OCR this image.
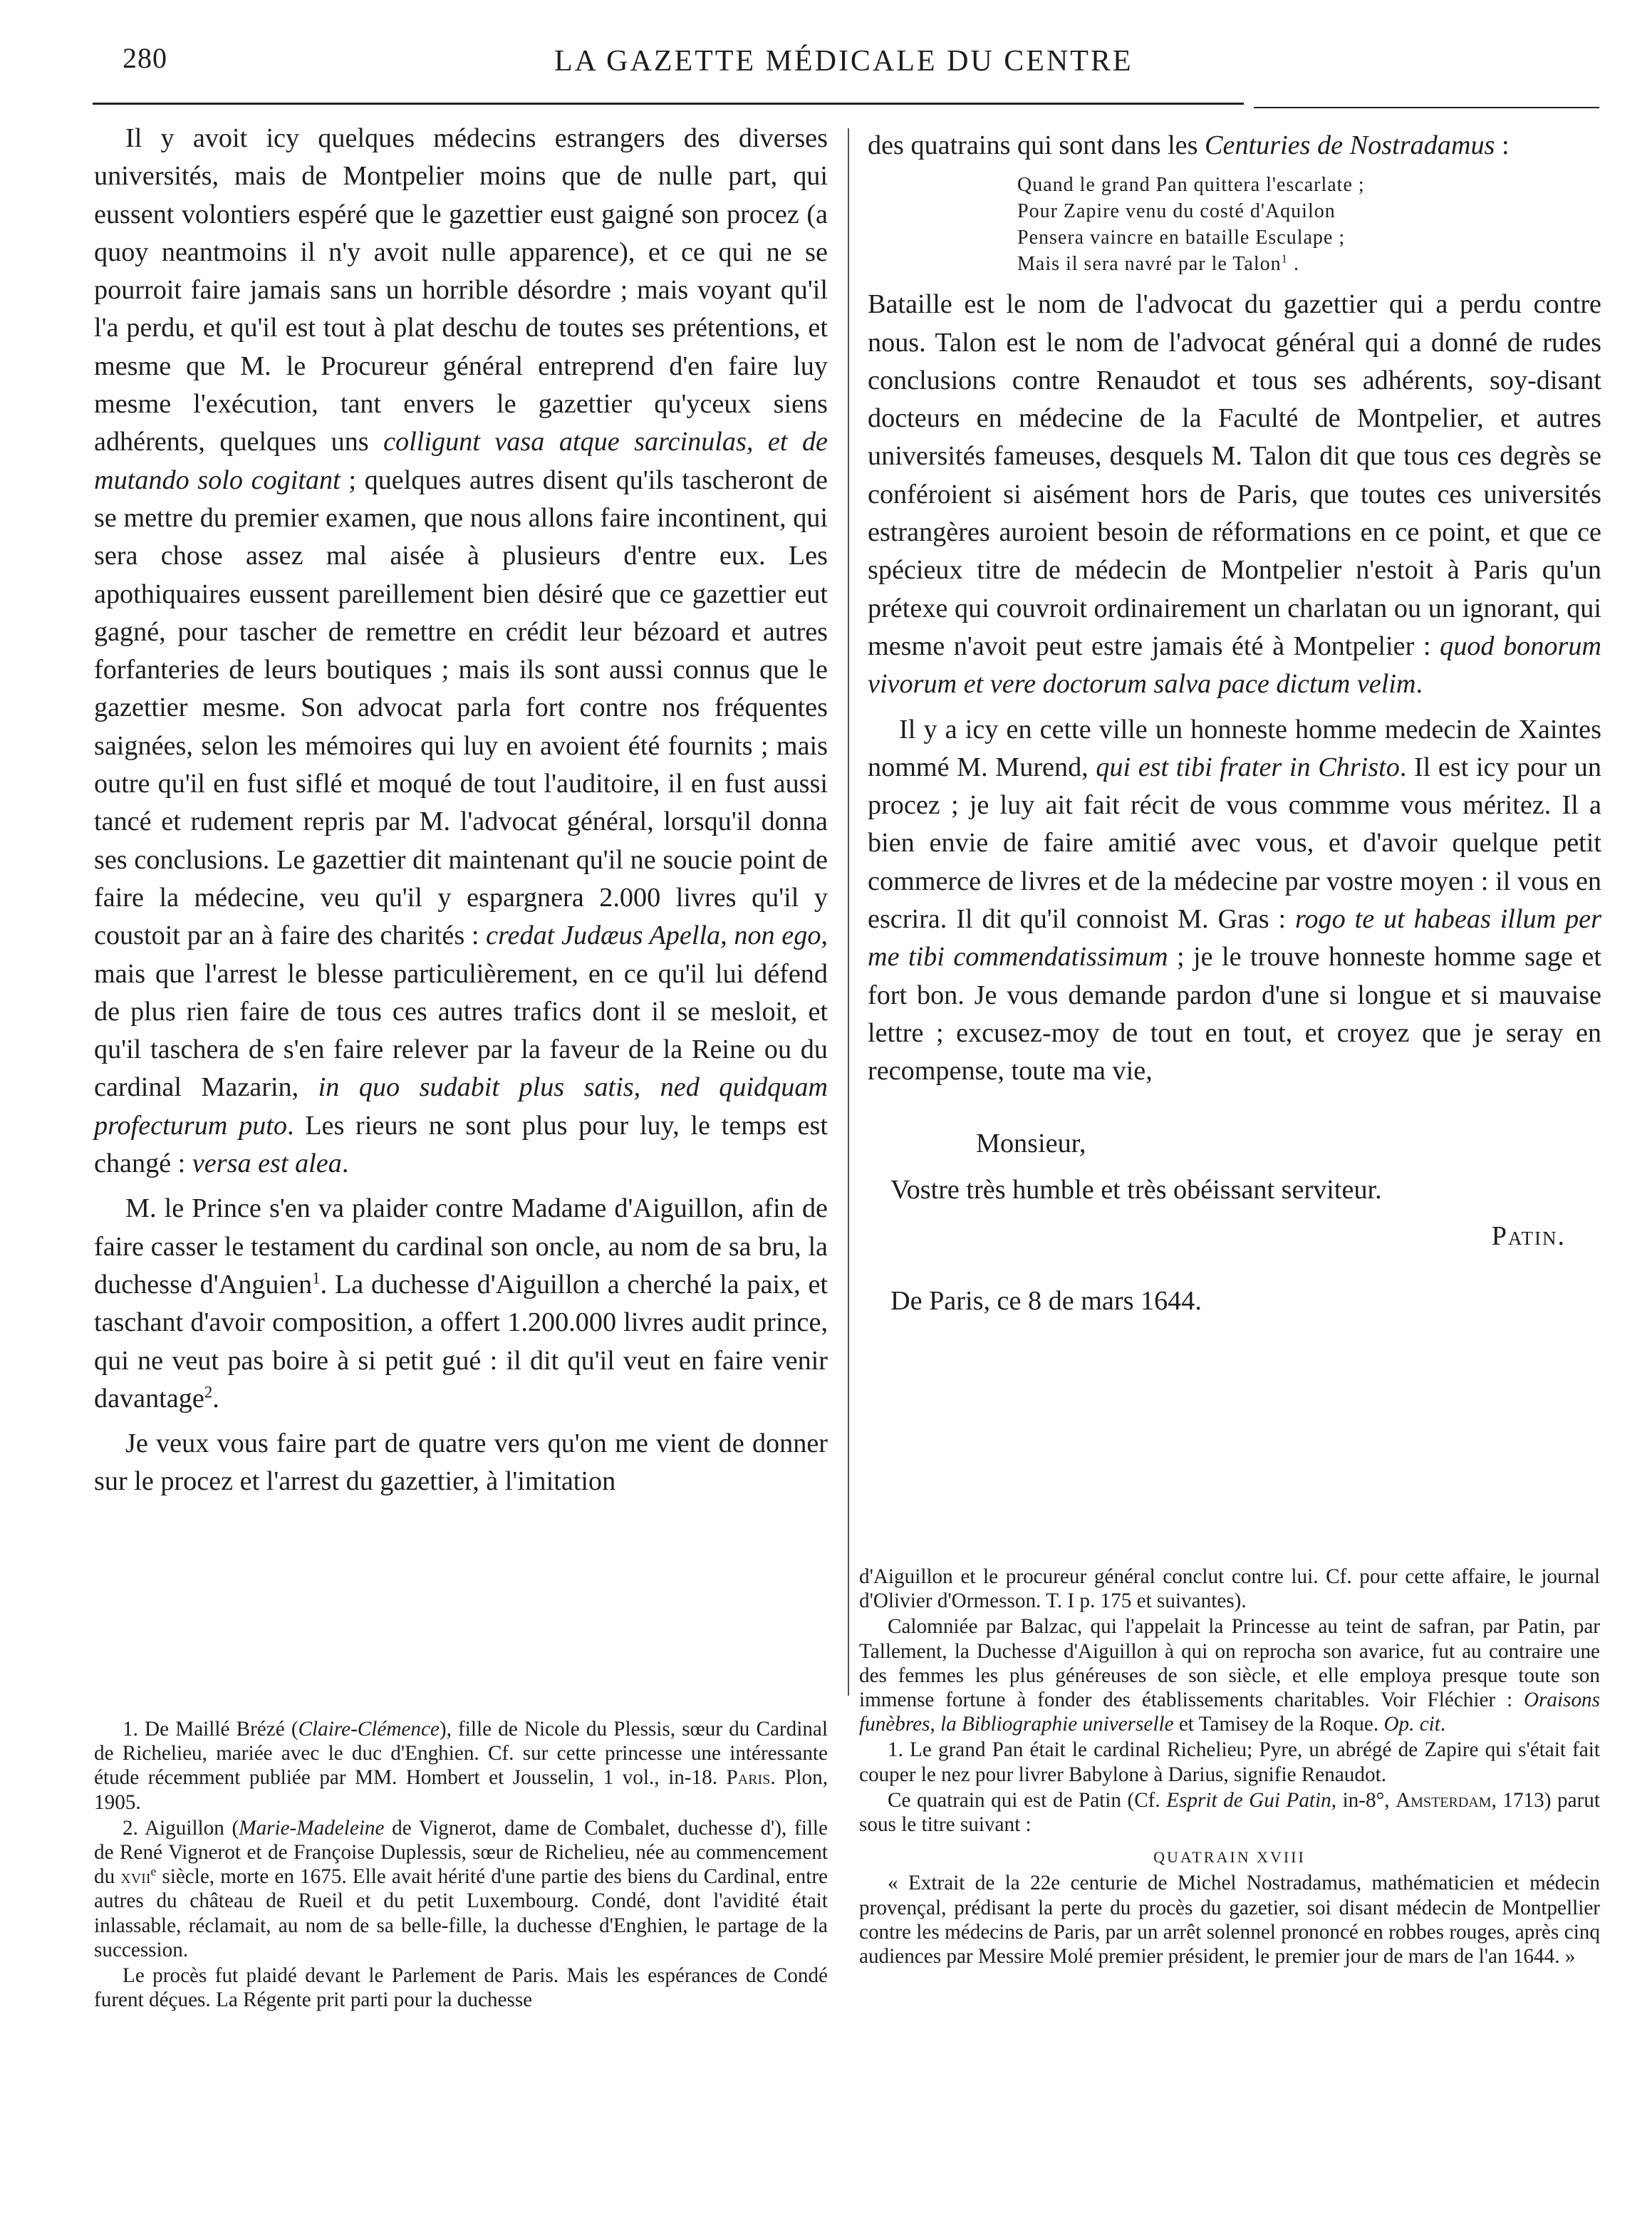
280	LA GAZETTE MÉDICALE DU CENTRE

Il y avoit icy quelques médecins estrangers des diverses universités, mais de Montpelier moins que de nulle part, qui eussent volontiers espéré que le gazettier eust gaigné son procez (a quoy neantmoins il n'y avoit nulle apparence), et ce qui ne se pourroit faire jamais sans un horrible désordre ; mais voyant qu'il l'a perdu, et qu'il est tout à plat deschu de toutes ses prétentions, et mesme que M. le Procureur général entreprend d'en faire luy mesme l'exécution, tant envers le gazettier qu'yceux siens adhérents, quelques uns colligunt vasa atque sarcinulas, et de mutando solo cogitant ; quelques autres disent qu'ils tascheront de se mettre du premier examen, que nous allons faire incontinent, qui sera chose assez mal aisée à plusieurs d'entre eux. Les apothiquaires eussent pareillement bien désiré que ce gazettier eut gagné, pour tascher de remettre en crédit leur bézoard et autres forfanteries de leurs boutiques ; mais ils sont aussi connus que le gazettier mesme. Son advocat parla fort contre nos fréquentes saignées, selon les mémoires qui luy en avoient été fournits ; mais outre qu'il en fust siflé et moqué de tout l'auditoire, il en fust aussi tancé et rudement repris par M. l'advocat général, lorsqu'il donna ses conclusions. Le gazettier dit maintenant qu'il ne soucie point de faire la médecine, veu qu'il y espargnera 2.000 livres qu'il y coustoit par an à faire des charités : credat Judæus Apella, non ego, mais que l'arrest le blesse particulièrement, en ce qu'il lui défend de plus rien faire de tous ces autres trafics dont il se mesloit, et qu'il taschera de s'en faire relever par la faveur de la Reine ou du cardinal Mazarin, in quo sudabit plus satis, ned quidquam profecturum puto. Les rieurs ne sont plus pour luy, le temps est changé : versa est alea.

M. le Prince s'en va plaider contre Madame d'Aiguillon, afin de faire casser le testament du cardinal son oncle, au nom de sa bru, la duchesse d'Anguien$^1$. La duchesse d'Aiguillon a cherché la paix, et taschant d'avoir composition, a offert 1.200.000 livres audit prince, qui ne veut pas boire à si petit gué : il dit qu'il veut en faire venir davantage$^2$.

Je veux vous faire part de quatre vers qu'on me vient de donner sur le procez et l'arrest du gazettier, à l'imitation

des quatrains qui sont dans les Centuries de Nostradamus :

Quand le grand Pan quittera l'escarlate ;
Pour Zapire venu du costé d'Aquilon
Pensera vaincre en bataille Esculape ;
Mais il sera navré par le Talon$^1$ .

Bataille est le nom de l'advocat du gazettier qui a perdu contre nous. Talon est le nom de l'advocat général qui a donné de rudes conclusions contre Renaudot et tous ses adhérents, soy-disant docteurs en médecine de la Faculté de Montpelier, et autres universités fameuses, desquels M. Talon dit que tous ces degrès se conféroient si aisément hors de Paris, que toutes ces universités estrangères auroient besoin de réformations en ce point, et que ce spécieux titre de médecin de Montpelier n'estoit à Paris qu'un prétexe qui couvroit ordinairement un charlatan ou un ignorant, qui mesme n'avoit peut estre jamais été à Montpelier : quod bonorum vivorum et vere doctorum salva pace dictum velim.

Il y a icy en cette ville un honneste homme medecin de Xaintes nommé M. Murend, qui est tibi frater in Christo. Il est icy pour un procez ; je luy ait fait récit de vous commme vous méritez. Il a bien envie de faire amitié avec vous, et d'avoir quelque petit commerce de livres et de la médecine par vostre moyen : il vous en escrira. Il dit qu'il connoist M. Gras : rogo te ut habeas illum per me tibi commendatissimum ; je le trouve honneste homme sage et fort bon. Je vous demande pardon d'une si longue et si mauvaise lettre ; excusez-moy de tout en tout, et croyez que je seray en recompense, toute ma vie,

Monsieur,
Vostre très humble et très obéissant serviteur.
Patin.
De Paris, ce 8 de mars 1644.

1. De Maillé Brézé (Claire-Clémence), fille de Nicole du Plessis, sœur du Cardinal de Richelieu, mariée avec le duc d'Enghien. Cf. sur cette princesse une intéressante étude récemment publiée par MM. Hombert et Jousselin, 1 vol., in-18. Paris. Plon, 1905.

2. Aiguillon (Marie-Madeleine de Vignerot, dame de Combalet, duchesse d'), fille de René Vignerot et de Françoise Duplessis, sœur de Richelieu, née au commencement du xvii$^e$ siècle, morte en 1675. Elle avait hérité d'une partie des biens du Cardinal, entre autres du château de Rueil et du petit Luxembourg. Condé, dont l'avidité était inlassable, réclamait, au nom de sa belle-fille, la duchesse d'Enghien, le partage de la succession.

Le procès fut plaidé devant le Parlement de Paris. Mais les espérances de Condé furent déçues. La Régente prit parti pour la duchesse

d'Aiguillon et le procureur général conclut contre lui. Cf. pour cette affaire, le journal d'Olivier d'Ormesson. T. I p. 175 et suivantes).

Calomniée par Balzac, qui l'appelait la Princesse au teint de safran, par Patin, par Tallement, la Duchesse d'Aiguillon à qui on reprocha son avarice, fut au contraire une des femmes les plus généreuses de son siècle, et elle employa presque toute son immense fortune à fonder des établissements charitables. Voir Fléchier : Oraisons funèbres, la Bibliographie universelle et Tamisey de la Roque. Op. cit.

1. Le grand Pan était le cardinal Richelieu; Pyre, un abrégé de Zapire qui s'était fait couper le nez pour livrer Babylone à Darius, signifie Renaudot.

Ce quatrain qui est de Patin (Cf. Esprit de Gui Patin, in-8°, Amsterdam, 1713) parut sous le titre suivant :

QUATRAIN XVIII

« Extrait de la 22e centurie de Michel Nostradamus, mathématicien et médecin provençal, prédisant la perte du procès du gazetier, soi disant médecin de Montpellier contre les médecins de Paris, par un arrêt solennel prononcé en robbes rouges, après cinq audiences par Messire Molé premier président, le premier jour de mars de l'an 1644. »
